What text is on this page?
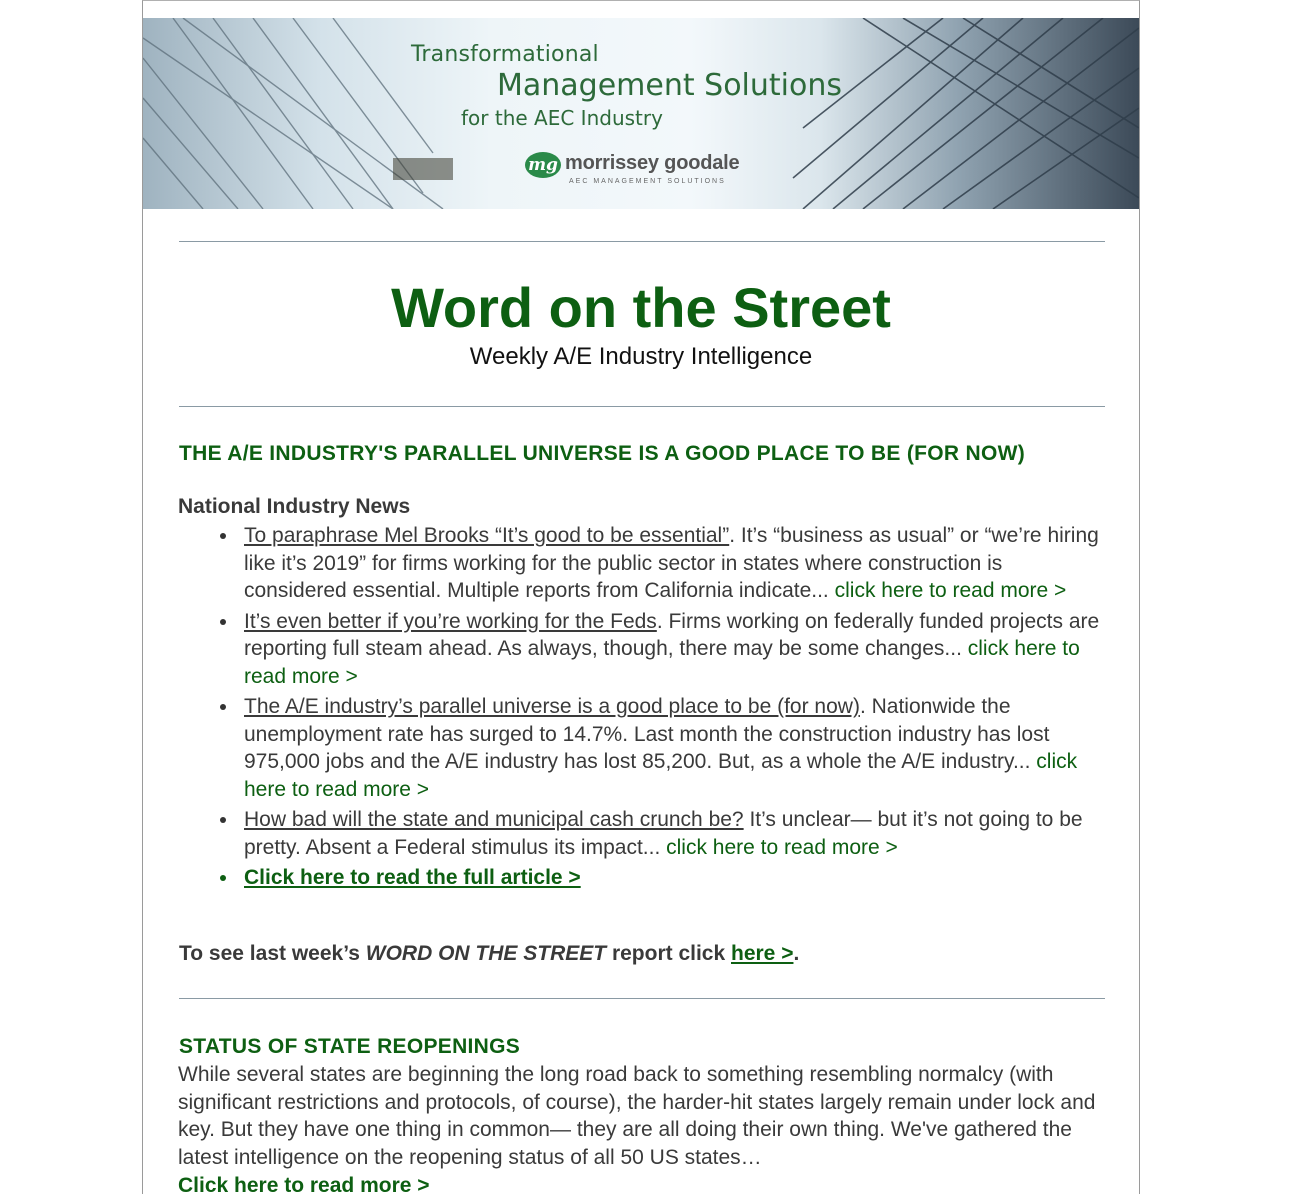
Transformational
Management Solutions
for the AEC Industry
mg morrissey goodale
AEC MANAGEMENT SOLUTIONS
Word on the Street
Weekly A/E Industry Intelligence
THE A/E INDUSTRY'S PARALLEL UNIVERSE IS A GOOD PLACE TO BE (FOR NOW)
National Industry News
To paraphrase Mel Brooks “It’s good to be essential”. It’s “business as usual” or “we’re hiring like it’s 2019” for firms working for the public sector in states where construction is considered essential. Multiple reports from California indicate... click here to read more >
It’s even better if you’re working for the Feds. Firms working on federally funded projects are reporting full steam ahead. As always, though, there may be some changes... click here to read more >
The A/E industry’s parallel universe is a good place to be (for now). Nationwide the unemployment rate has surged to 14.7%. Last month the construction industry has lost 975,000 jobs and the A/E industry has lost 85,200. But, as a whole the A/E industry... click here to read more >
How bad will the state and municipal cash crunch be? It’s unclear— but it’s not going to be pretty. Absent a Federal stimulus its impact... click here to read more >
Click here to read the full article >
To see last week’s WORD ON THE STREET report click here >.
STATUS OF STATE REOPENINGS
While several states are beginning the long road back to something resembling normalcy (with significant restrictions and protocols, of course), the harder-hit states largely remain under lock and key. But they have one thing in common— they are all doing their own thing. We've gathered the latest intelligence on the reopening status of all 50 US states…
Click here to read more >
